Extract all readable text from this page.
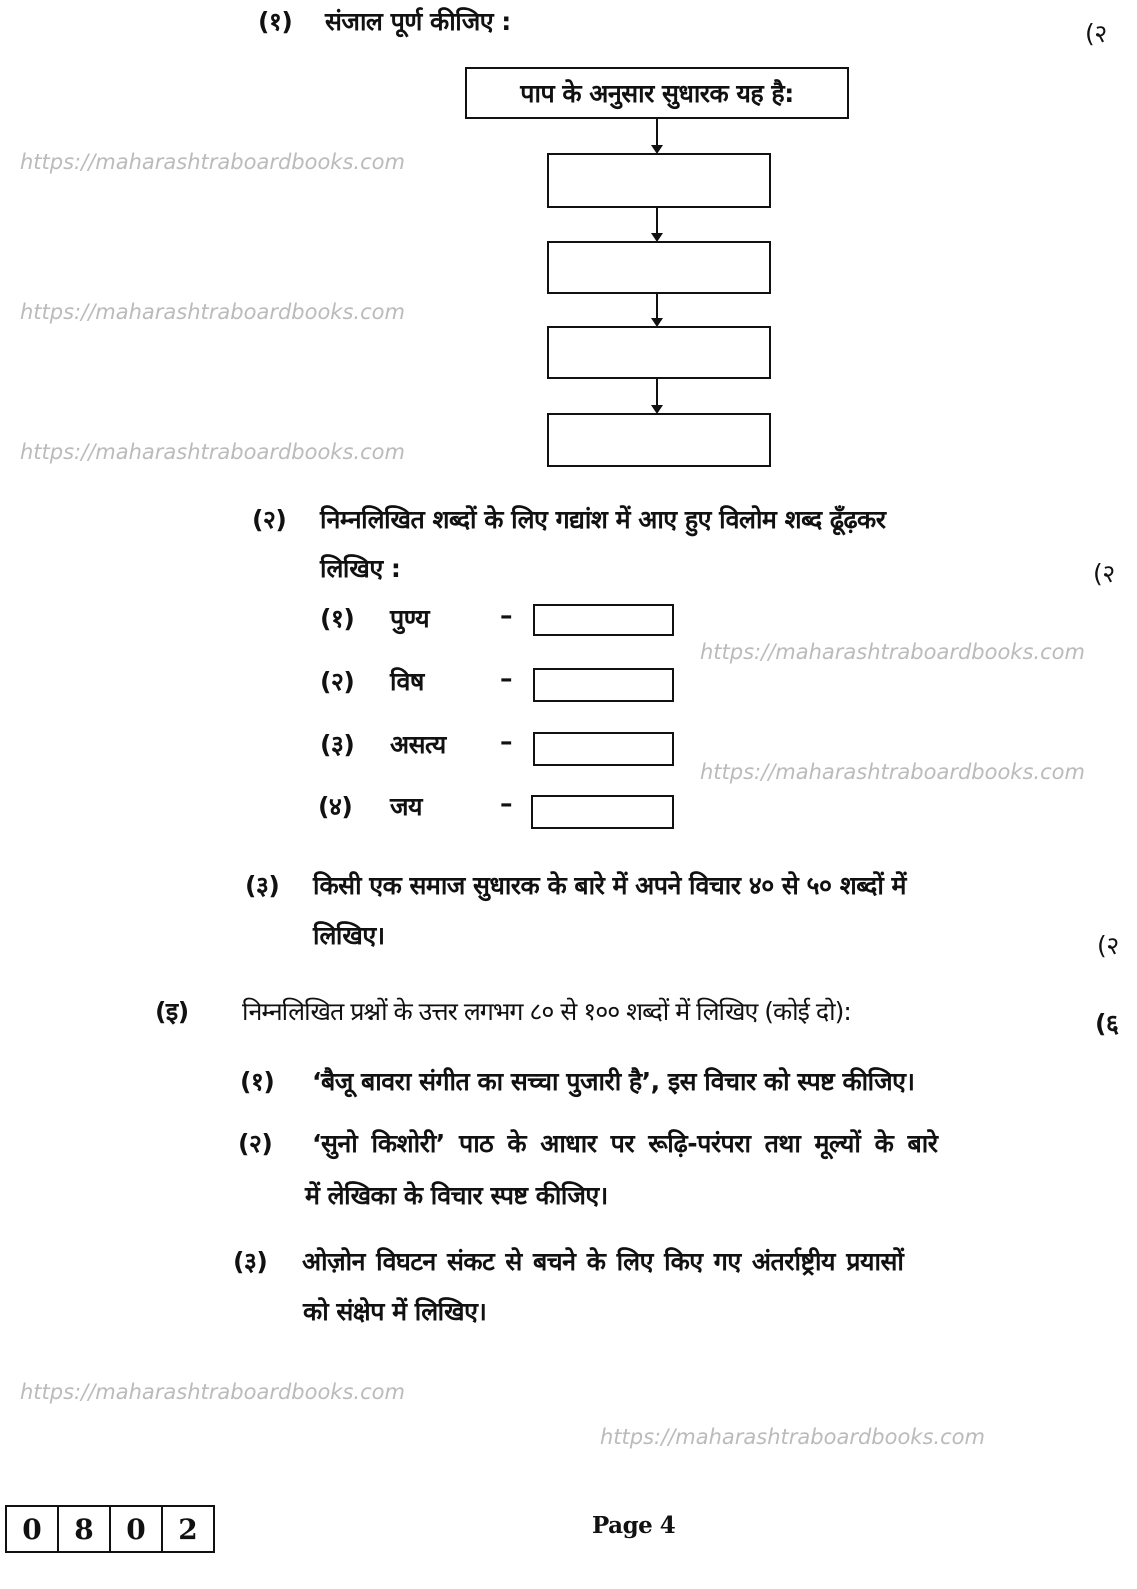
https://maharashtraboardbooks.com
https://maharashtraboardbooks.com
https://maharashtraboardbooks.com
https://maharashtraboardbooks.com
https://maharashtraboardbooks.com
https://maharashtraboardbooks.com
https://maharashtraboardbooks.com
(१) संजाल पूर्ण कीजिए :	(२
पाप के अनुसार सुधारक यह है:
(२) निम्नलिखित शब्दों के लिए गद्यांश में आए हुए विलोम शब्द ढूँढ़कर
लिखिए :	(२
(१) पुण्य	–
(२) विष	–
(३) असत्य –
(४) जय	–
(३) किसी एक समाज सुधारक के बारे में अपने विचार ४० से ५० शब्दों में
लिखिए।	(२
(इ) निम्नलिखित प्रश्नों के उत्तर लगभग ८० से १०० शब्दों में लिखिए (कोई दो):	(६
(१) ‘बैजू बावरा संगीत का सच्चा पुजारी है’, इस विचार को स्पष्ट कीजिए।
(२) ‘सुनो किशोरी’ पाठ के आधार पर रूढ़ि-परंपरा तथा मूल्यों के बारे
में लेखिका के विचार स्पष्ट कीजिए।
(३) ओज़ोन विघटन संकट से बचने के लिए किए गए अंतर्राष्ट्रीय प्रयासों
को संक्षेप में लिखिए।
0	8	0	2	Page 4
